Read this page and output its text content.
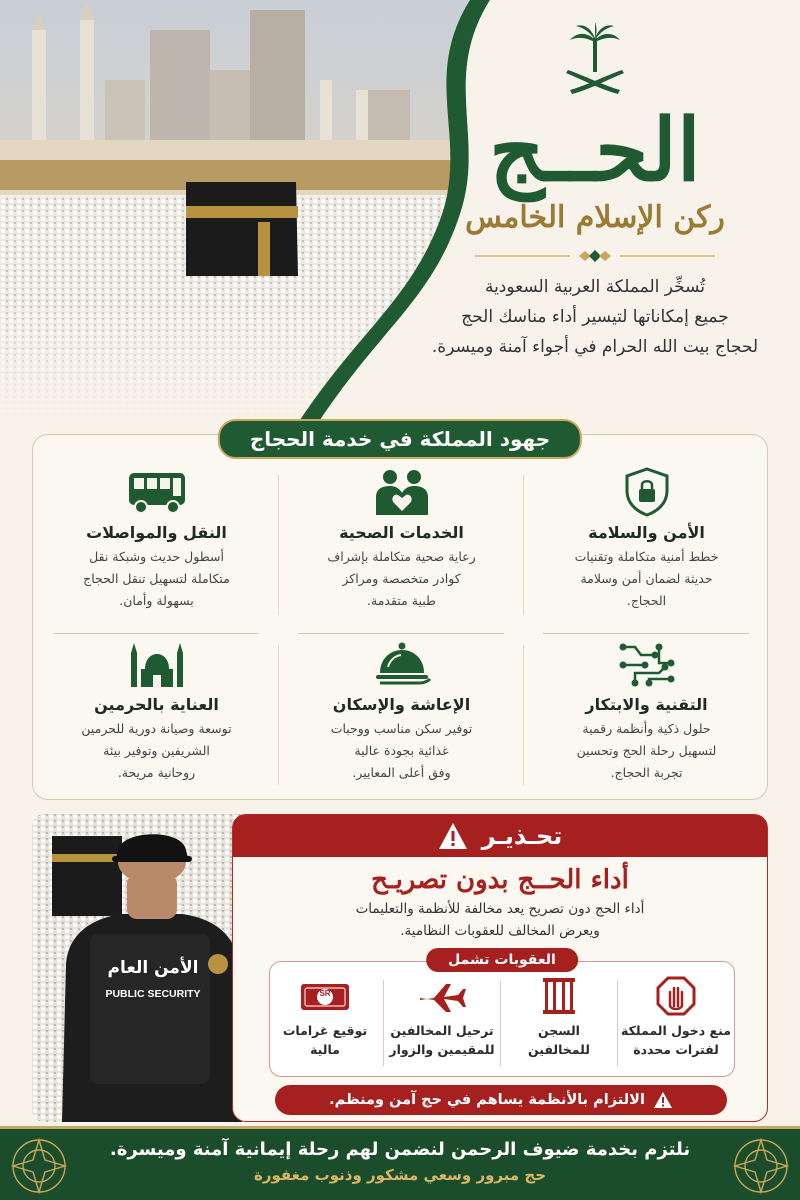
الحــج
ركن الإسلام الخامس
تُسخِّر المملكة العربية السعودية
جميع إمكاناتها لتيسير أداء مناسك الحج
لحجاج بيت الله الحرام في أجواء آمنة وميسرة.
جهود المملكة في خدمة الحجاج
الأمن والسلامة
خطط أمنية متكاملة وتقنيات
حديثة لضمان أمن وسلامة
الحجاج.
الخدمات الصحية
رعاية صحية متكاملة بإشراف
كوادر متخصصة ومراكز
طبية متقدمة.
النقل والمواصلات
أسطول حديث وشبكة نقل
متكاملة لتسهيل تنقل الحجاج
بسهولة وأمان.
التقنية والابتكار
حلول ذكية وأنظمة رقمية
لتسهيل رحلة الحج وتحسين
تجربة الحجاج.
الإعاشة والإسكان
توفير سكن مناسب ووجبات
غذائية بجودة عالية
وفق أعلى المعايير.
العناية بالحرمين
توسعة وصيانة دورية للحرمين
الشريفين وتوفير بيئة
روحانية مريحة.
الأمن العام
PUBLIC SECURITY
تحـذيـر
أداء الحــج بدون تصريـح
أداء الحج دون تصريح يعد مخالفة للأنظمة والتعليمات
ويعرض المخالف للعقوبات النظامية.
العقوبات تشمل
منع دخول المملكة
لفترات محددة
السجن
للمخالفين
ترحيل المخالفين
للمقيمين والزوار
SR
توقيع غرامات
مالية
الالتزام بالأنظمة يساهم في حج آمن ومنظم.
نلتزم بخدمة ضيوف الرحمن لنضمن لهم رحلة إيمانية آمنة وميسرة.
حج مبرور وسعي مشكور وذنوب مغفورة
